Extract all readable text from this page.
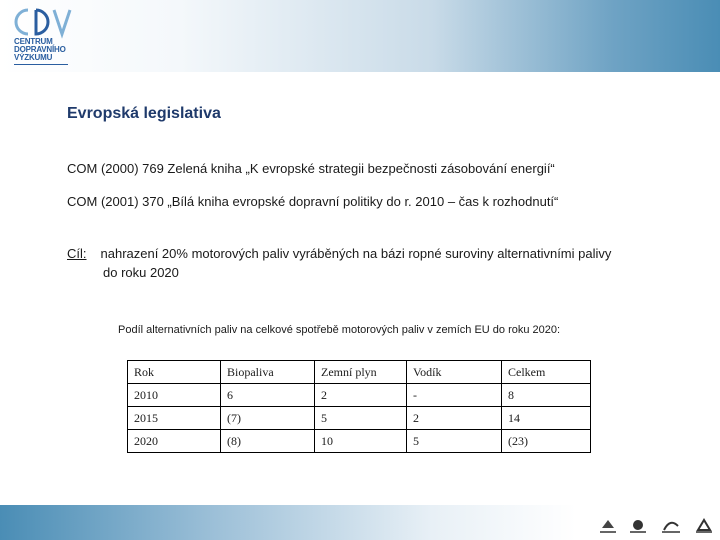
CENTRUM
DOPRAVNÍHO
VÝZKUMU
Evropská legislativa
COM (2000) 769 Zelená kniha „K evropské strategii bezpečnosti zásobování energií“
COM (2001) 370 „Bílá kniha evropské dopravní politiky do r. 2010 – čas k rozhodnutí“
Cíl: nahrazení 20% motorových paliv vyráběných na bázi ropné suroviny alternativními palivy
do roku 2020
Podíl alternativních paliv na celkové spotřebě motorových paliv v zemích EU do roku 2020:
Rok	Biopaliva	Zemní plyn	Vodík	Celkem
2010	6	2	-	8
2015	(7)	5	2	14
2020	(8)	10	5	(23)
